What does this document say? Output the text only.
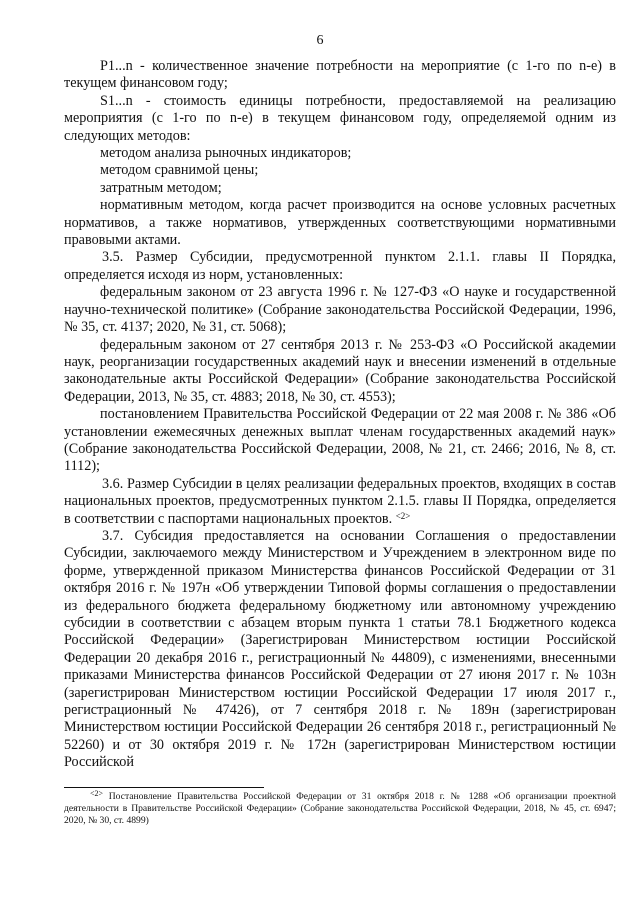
6

P1...n - количественное значение потребности на мероприятие (с 1-го по n-е) в текущем финансовом году;

S1...n - стоимость единицы потребности, предоставляемой на реализацию мероприятия (с 1-го по n-е) в текущем финансовом году, определяемой одним из следующих методов:

методом анализа рыночных индикаторов;

методом сравнимой цены;

затратным методом;

нормативным методом, когда расчет производится на основе условных расчетных нормативов, а также нормативов, утвержденных соответствующими нормативными правовыми актами.

3.5. Размер Субсидии, предусмотренной пунктом 2.1.1. главы II Порядка, определяется исходя из норм, установленных:

федеральным законом от 23 августа 1996 г. № 127-ФЗ «О науке и государственной научно-технической политике» (Собрание законодательства Российской Федерации, 1996, № 35, ст. 4137; 2020, № 31, ст. 5068);

федеральным законом от 27 сентября 2013 г. № 253-ФЗ «О Российской академии наук, реорганизации государственных академий наук и внесении изменений в отдельные законодательные акты Российской Федерации» (Собрание законодательства Российской Федерации, 2013, № 35, ст. 4883; 2018, № 30, ст. 4553);

постановлением Правительства Российской Федерации от 22 мая 2008 г. № 386 «Об установлении ежемесячных денежных выплат членам государственных академий наук» (Собрание законодательства Российской Федерации, 2008, № 21, ст. 2466; 2016, № 8, ст. 1112);

3.6. Размер Субсидии в целях реализации федеральных проектов, входящих в состав национальных проектов, предусмотренных пунктом 2.1.5. главы II Порядка, определяется в соответствии с паспортами национальных проектов. $^{<2>}$

3.7. Субсидия предоставляется на основании Соглашения о предоставлении Субсидии, заключаемого между Министерством и Учреждением в электронном виде по форме, утвержденной приказом Министерства финансов Российской Федерации от 31 октября 2016 г. № 197н «Об утверждении Типовой формы соглашения о предоставлении из федерального бюджета федеральному бюджетному или автономному учреждению субсидии в соответствии с абзацем вторым пункта 1 статьи 78.1 Бюджетного кодекса Российской Федерации» (Зарегистрирован Министерством юстиции Российской Федерации 20 декабря 2016 г., регистрационный № 44809), с изменениями, внесенными приказами Министерства финансов Российской Федерации от 27 июня 2017 г. № 103н (зарегистрирован Министерством юстиции Российской Федерации 17 июля 2017 г., регистрационный № 47426), от 7 сентября 2018 г. № 189н (зарегистрирован Министерством юстиции Российской Федерации 26 сентября 2018 г., регистрационный № 52260) и от 30 октября 2019 г. № 172н (зарегистрирован Министерством юстиции Российской

$^{<2>}$ Постановление Правительства Российской Федерации от 31 октября 2018 г. № 1288 «Об организации проектной деятельности в Правительстве Российской Федерации» (Собрание законодательства Российской Федерации, 2018, № 45, ст. 6947; 2020, № 30, ст. 4899)
